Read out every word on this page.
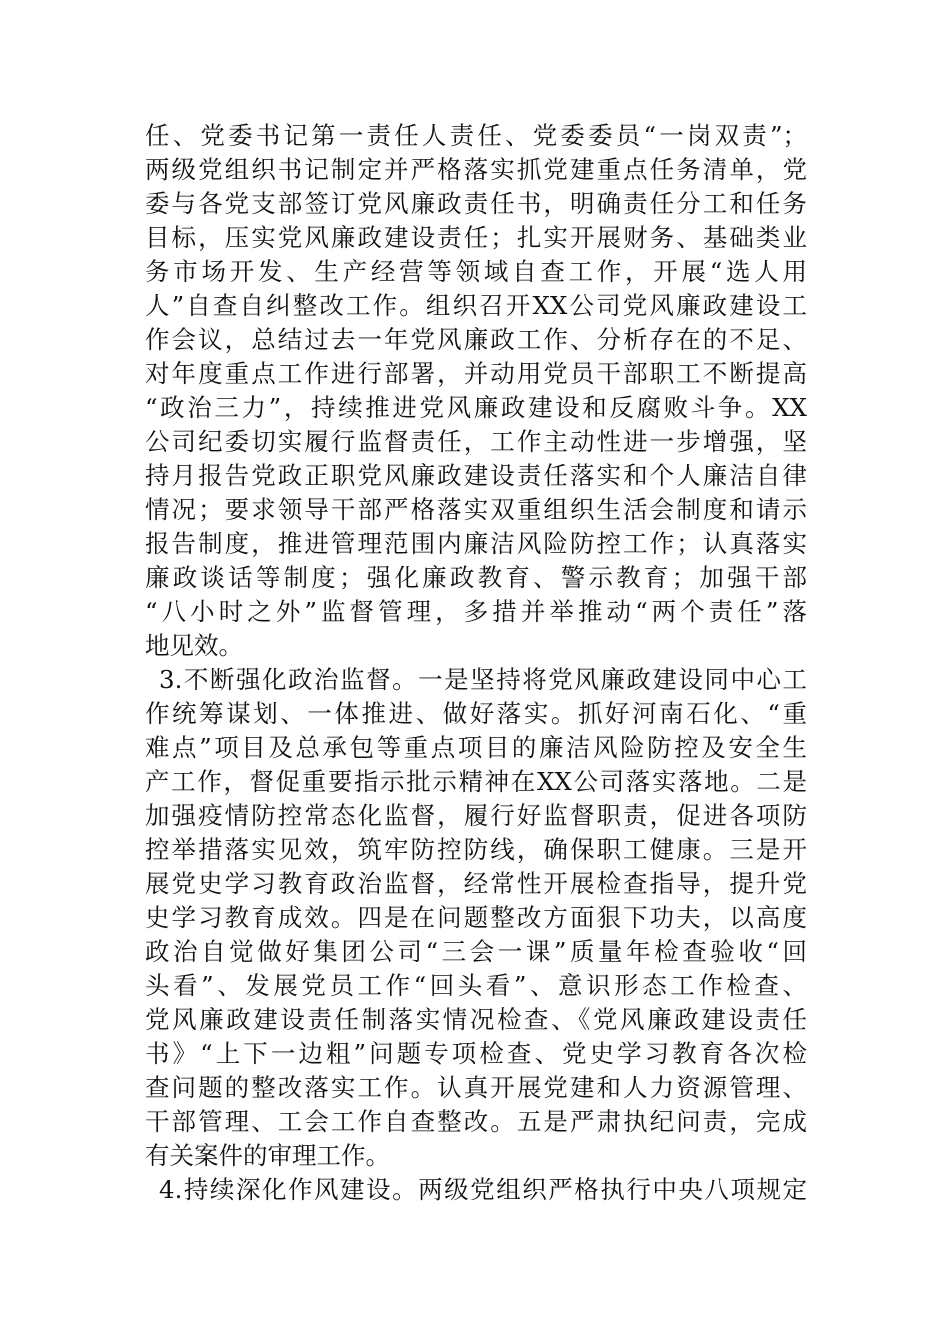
任、党委书记第一责任人责任、党委委员“一岗双责”；
两级党组织书记制定并严格落实抓党建重点任务清单，党
委与各党支部签订党风廉政责任书，明确责任分工和任务
目标，压实党风廉政建设责任；扎实开展财务、基础类业
务市场开发、生产经营等领域自查工作，开展“选人用
人”自查自纠整改工作。组织召开XX公司党风廉政建设工
作会议，总结过去一年党风廉政工作、分析存在的不足、
对年度重点工作进行部署，并动用党员干部职工不断提高
“政治三力”，持续推进党风廉政建设和反腐败斗争。XX
公司纪委切实履行监督责任，工作主动性进一步增强，坚
持月报告党政正职党风廉政建设责任落实和个人廉洁自律
情况；要求领导干部严格落实双重组织生活会制度和请示
报告制度，推进管理范围内廉洁风险防控工作；认真落实
廉政谈话等制度；强化廉政教育、警示教育；加强干部
“八小时之外”监督管理，多措并举推动“两个责任”落
地见效。
3.不断强化政治监督。一是坚持将党风廉政建设同中心工
作统筹谋划、一体推进、做好落实。抓好河南石化、“重
难点”项目及总承包等重点项目的廉洁风险防控及安全生
产工作，督促重要指示批示精神在XX公司落实落地。二是
加强疫情防控常态化监督，履行好监督职责，促进各项防
控举措落实见效，筑牢防控防线，确保职工健康。三是开
展党史学习教育政治监督，经常性开展检查指导，提升党
史学习教育成效。四是在问题整改方面狠下功夫，以高度
政治自觉做好集团公司“三会一课”质量年检查验收“回
头看”、发展党员工作“回头看”、意识形态工作检查、
党风廉政建设责任制落实情况检查、《党风廉政建设责任
书》“上下一边粗”问题专项检查、党史学习教育各次检
查问题的整改落实工作。认真开展党建和人力资源管理、
干部管理、工会工作自查整改。五是严肃执纪问责，完成
有关案件的审理工作。
4.持续深化作风建设。两级党组织严格执行中央八项规定
